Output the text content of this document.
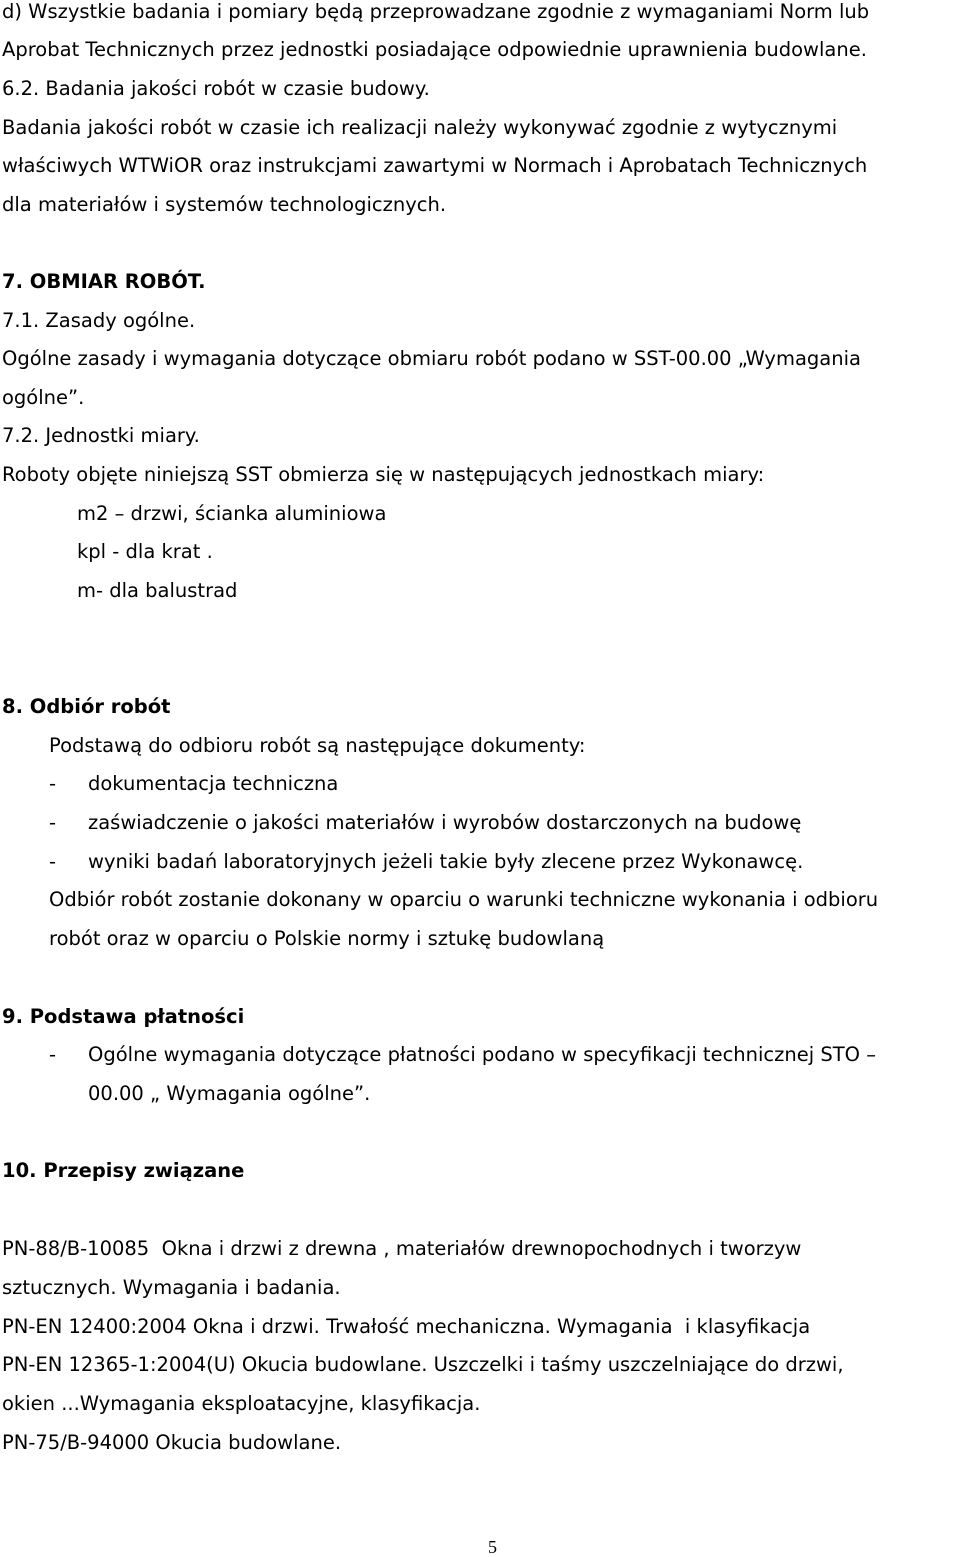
d) Wszystkie badania i pomiary będą przeprowadzane zgodnie z wymaganiami Norm lub

Aprobat Technicznych przez jednostki posiadające odpowiednie uprawnienia budowlane.

6.2. Badania jakości robót w czasie budowy.

Badania jakości robót w czasie ich realizacji należy wykonywać zgodnie z wytycznymi

właściwych WTWiOR oraz instrukcjami zawartymi w Normach i Aprobatach Technicznych

dla materiałów i systemów technologicznych.

7. OBMIAR ROBÓT.

7.1. Zasady ogólne.

Ogólne zasady i wymagania dotyczące obmiaru robót podano w SST-00.00 „Wymagania

ogólne”.

7.2. Jednostki miary.

Roboty objęte niniejszą SST obmierza się w następujących jednostkach miary:

m2 – drzwi, ścianka aluminiowa

kpl - dla krat .

m- dla balustrad

8. Odbiór robót

Podstawą do odbioru robót są następujące dokumenty:

- dokumentacja techniczna

- zaświadczenie o jakości materiałów i wyrobów dostarczonych na budowę

- wyniki badań laboratoryjnych jeżeli takie były zlecene przez Wykonawcę.

Odbiór robót zostanie dokonany w oparciu o warunki techniczne wykonania i odbioru

robót oraz w oparciu o Polskie normy i sztukę budowlaną

9. Podstawa płatności

- Ogólne wymagania dotyczące płatności podano w specyfikacji technicznej STO –

00.00 „ Wymagania ogólne”.

10. Przepisy związane

PN-88/B-10085  Okna i drzwi z drewna , materiałów drewnopochodnych i tworzyw

sztucznych. Wymagania i badania.

PN-EN 12400:2004 Okna i drzwi. Trwałość mechaniczna. Wymagania  i klasyfikacja

PN-EN 12365-1:2004(U) Okucia budowlane. Uszczelki i taśmy uszczelniające do drzwi,

okien ...Wymagania eksploatacyjne, klasyfikacja.

PN-75/B-94000 Okucia budowlane.

5
